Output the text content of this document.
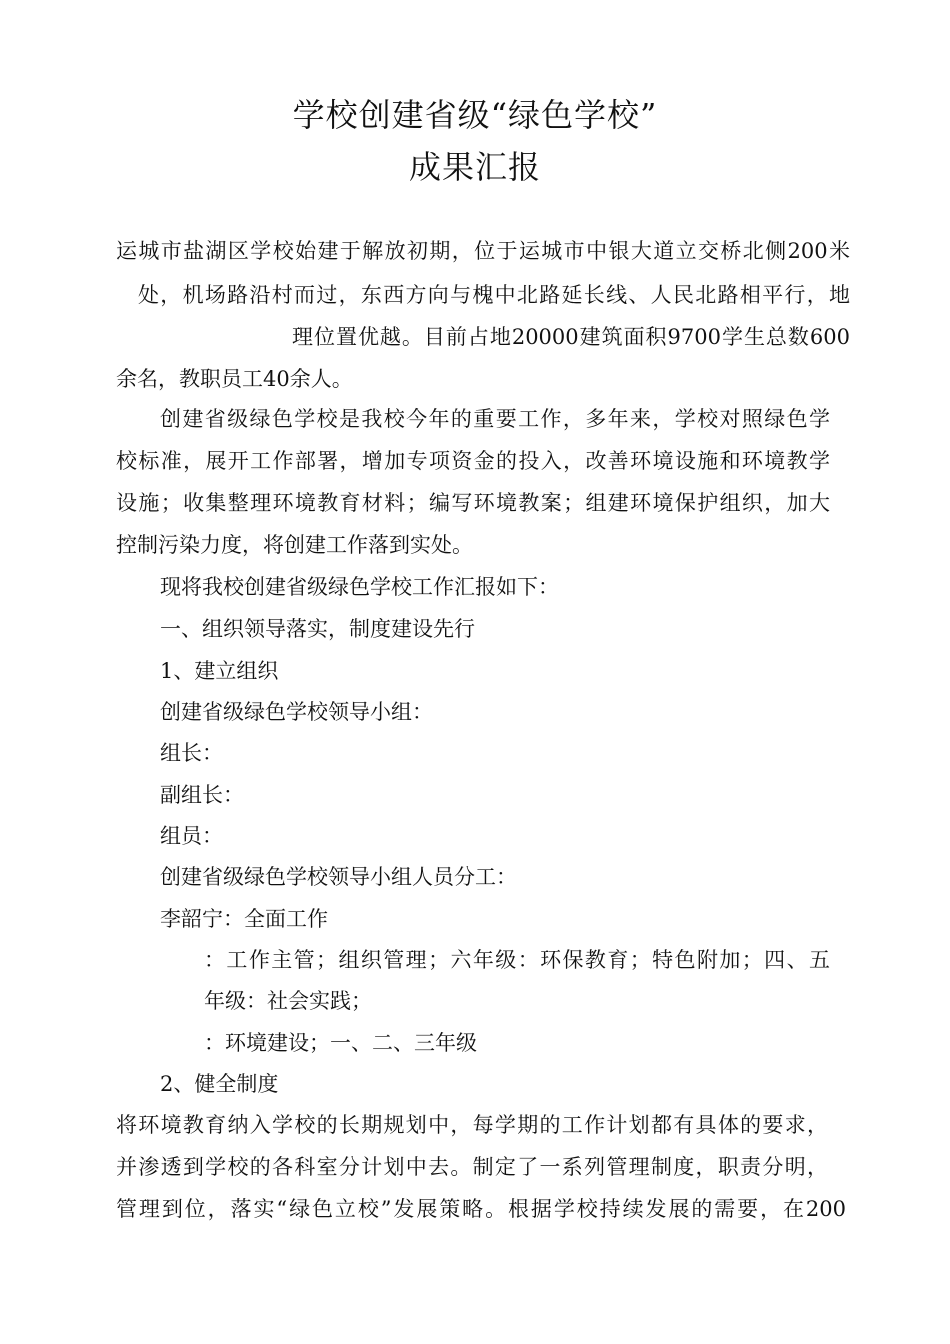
学校创建省级“绿色学校”
成果汇报
运城市盐湖区学校始建于解放初期，位于运城市中银大道立交桥北侧200米
处，机场路沿村而过，东西方向与槐中北路延长线、人民北路相平行，地
理位置优越。目前占地20000建筑面积9700学生总数600
余名，教职员工40余人。
创建省级绿色学校是我校今年的重要工作，多年来，学校对照绿色学
校标准，展开工作部署，增加专项资金的投入，改善环境设施和环境教学
设施；收集整理环境教育材料；编写环境教案；组建环境保护组织，加大
控制污染力度，将创建工作落到实处。
现将我校创建省级绿色学校工作汇报如下：
一、组织领导落实，制度建设先行
1、建立组织
创建省级绿色学校领导小组：
组长：
副组长：
组员：
创建省级绿色学校领导小组人员分工：
李韶宁：全面工作
：工作主管；组织管理；六年级：环保教育；特色附加；四、五
年级：社会实践；
：环境建设；一、二、三年级
2、健全制度
将环境教育纳入学校的长期规划中，每学期的工作计划都有具体的要求，
并渗透到学校的各科室分计划中去。制定了一系列管理制度，职责分明，
管理到位，落实“绿色立校”发展策略。根据学校持续发展的需要，在200
